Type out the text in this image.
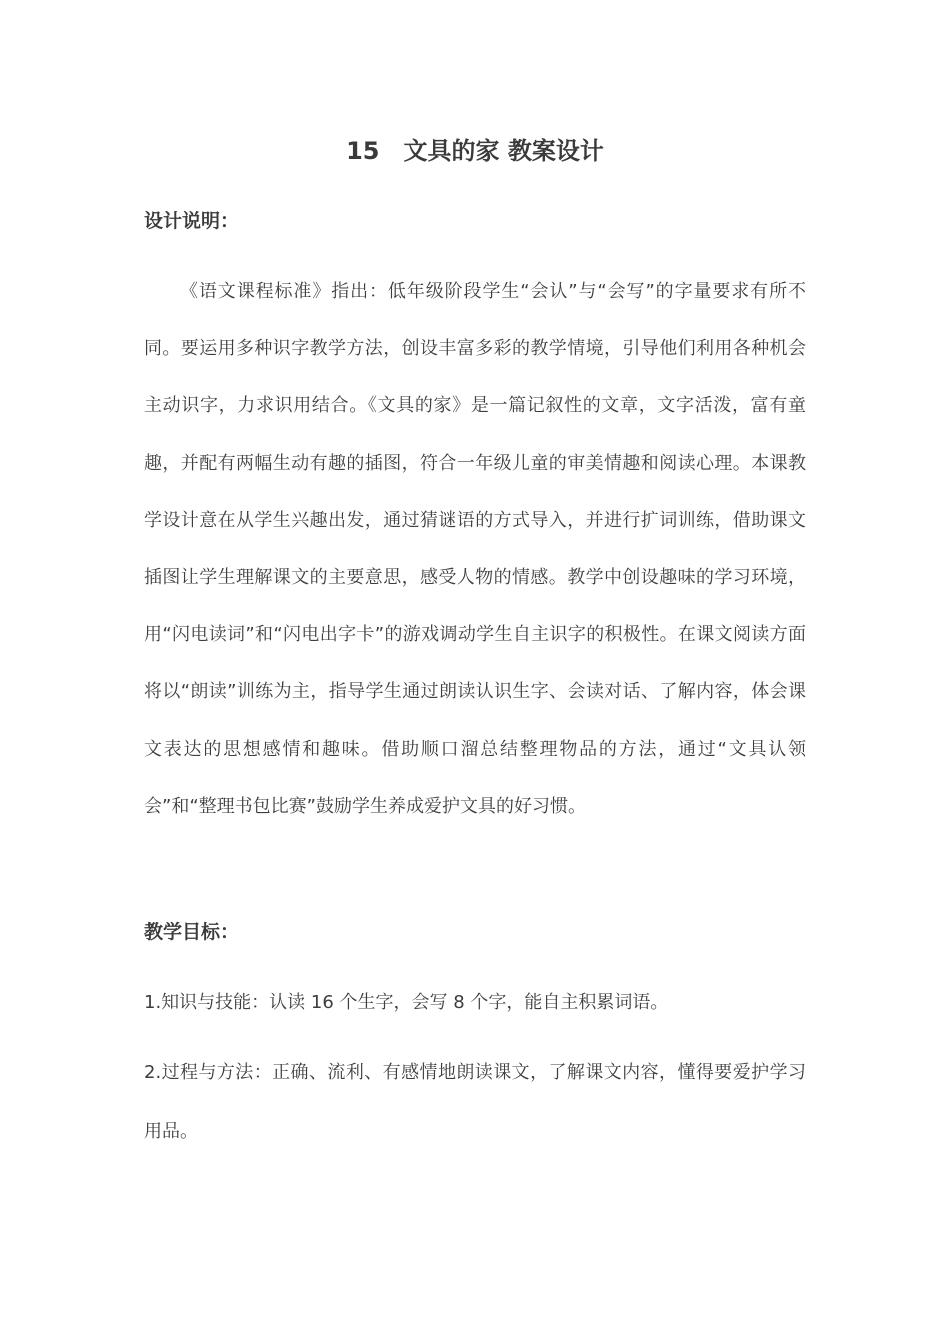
15　文具的家 教案设计
设计说明：

《语文课程标准》指出：低年级阶段学生“会认”与“会写”的字量要求有所不同。要运用多种识字教学方法，创设丰富多彩的教学情境，引导他们利用各种机会主动识字，力求识用结合。《文具的家》是一篇记叙性的文章，文字活泼，富有童趣，并配有两幅生动有趣的插图，符合一年级儿童的审美情趣和阅读心理。本课教学设计意在从学生兴趣出发，通过猜谜语的方式导入，并进行扩词训练，借助课文插图让学生理解课文的主要意思，感受人物的情感。教学中创设趣味的学习环境，用“闪电读词”和“闪电出字卡”的游戏调动学生自主识字的积极性。在课文阅读方面将以“朗读”训练为主，指导学生通过朗读认识生字、会读对话、了解内容，体会课文表达的思想感情和趣味。借助顺口溜总结整理物品的方法，通过“文具认领会”和“整理书包比赛”鼓励学生养成爱护文具的好习惯。

教学目标：

1.知识与技能：认读 16 个生字，会写 8 个字，能自主积累词语。

2.过程与方法：正确、流利、有感情地朗读课文，了解课文内容，懂得要爱护学习用品。
